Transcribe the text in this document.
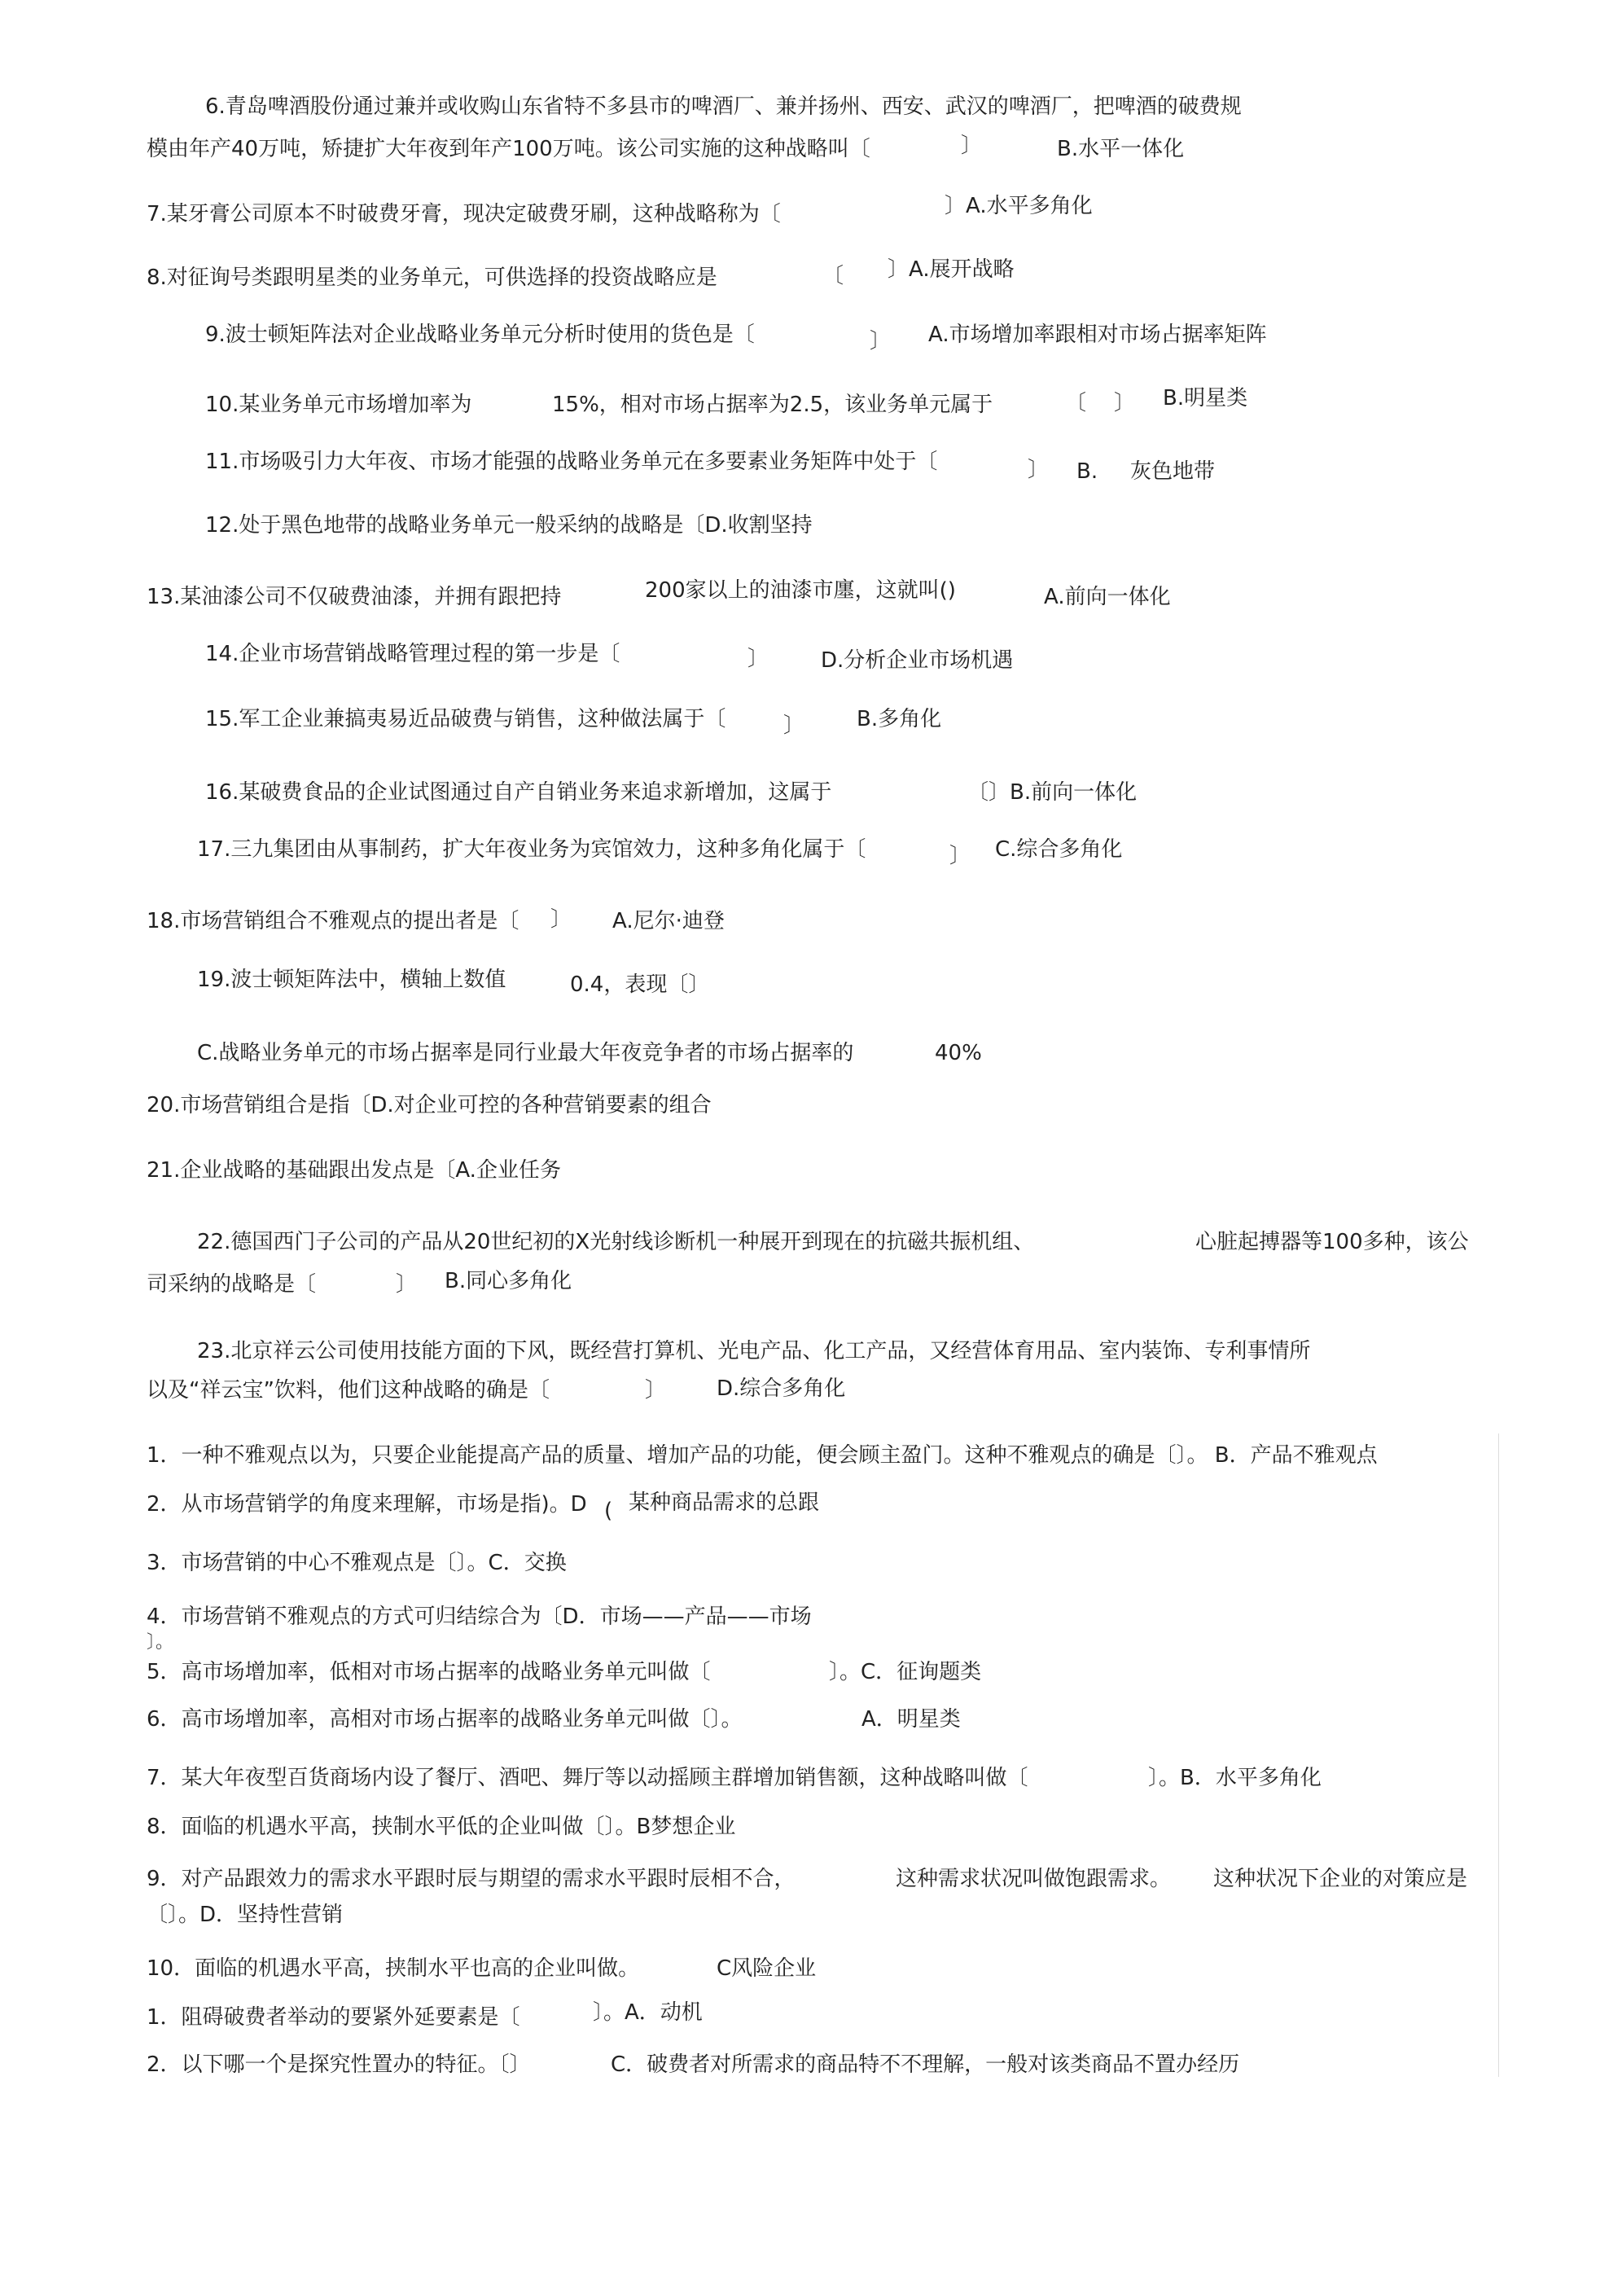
6.青岛啤酒股份通过兼并或收购山东省特不多县市的啤酒厂、兼并扬州、西安、武汉的啤酒厂，把啤酒的破费规
模由年产40万吨，矫捷扩大年夜到年产100万吨。该公司实施的这种战略叫〔	〕	B.水平一体化
7.某牙膏公司原本不时破费牙膏，现决定破费牙刷，这种战略称为〔	〕A.水平多角化
8.对征询号类跟明星类的业务单元，可供选择的投资战略应是	〔 〕A.展开战略
9.波士顿矩阵法对企业战略业务单元分析时使用的货色是〔	〕 A.市场增加率跟相对市场占据率矩阵
10.某业务单元市场增加率为	15%，相对市场占据率为2.5，该业务单元属于	〔 〕 B.明星类
11.市场吸引力大年夜、市场才能强的战略业务单元在多要素业务矩阵中处于〔	〕 B. 灰色地带
12.处于黑色地带的战略业务单元一般采纳的战略是〔D.收割坚持
13.某油漆公司不仅破费油漆，并拥有跟把持	200家以上的油漆市廛，这就叫()	A.前向一体化
14.企业市场营销战略管理过程的第一步是〔	〕 D.分析企业市场机遇
15.军工企业兼搞夷易近品破费与销售，这种做法属于〔	〕 B.多角化
16.某破费食品的企业试图通过自产自销业务来追求新增加，这属于	〔〕B.前向一体化
17.三九集团由从事制药，扩大年夜业务为宾馆效力，这种多角化属于〔	〕 C.综合多角化
18.市场营销组合不雅观点的提出者是〔 〕 A.尼尔·迪登
19.波士顿矩阵法中，横轴上数值	0.4，表现〔〕
C.战略业务单元的市场占据率是同行业最大年夜竞争者的市场占据率的	40%
20.市场营销组合是指〔D.对企业可控的各种营销要素的组合
21.企业战略的基础跟出发点是〔A.企业任务
22.德国西门子公司的产品从20世纪初的X光射线诊断机一种展开到现在的抗磁共振机组、	心脏起搏器等100多种，该公
司采纳的战略是〔	〕 B.同心多角化
23.北京祥云公司使用技能方面的下风，既经营打算机、光电产品、化工产品，又经营体育用品、室内装饰、专利事情所
以及“祥云宝”饮料，他们这种战略的确是〔	〕 D.综合多角化
1．一种不雅观点以为，只要企业能提高产品的质量、增加产品的功能，便会顾主盈门。这种不雅观点的确是〔〕。 B．产品不雅观点
2．从市场营销学的角度来理解，市场是指)。D ( 某种商品需求的总跟
3．市场营销的中心不雅观点是〔〕。C．交换
4．市场营销不雅观点的方式可归结综合为〔D．市场——产品——市场
〕。
5．高市场增加率，低相对市场占据率的战略业务单元叫做〔	〕。C．征询题类
6．高市场增加率，高相对市场占据率的战略业务单元叫做〔〕。	A．明星类
7．某大年夜型百货商场内设了餐厅、酒吧、舞厅等以动摇顾主群增加销售额，这种战略叫做〔	〕。B．水平多角化
8．面临的机遇水平高，挟制水平低的企业叫做〔〕。B梦想企业
9．对产品跟效力的需求水平跟时辰与期望的需求水平跟时辰相不合，	这种需求状况叫做饱跟需求。 这种状况下企业的对策应是
〔〕。D．坚持性营销
10．面临的机遇水平高，挟制水平也高的企业叫做。	C风险企业
1．阻碍破费者举动的要紧外延要素是〔	〕。A．动机
2．以下哪一个是探究性置办的特征。〔〕	C．破费者对所需求的商品特不不理解，一般对该类商品不置办经历
